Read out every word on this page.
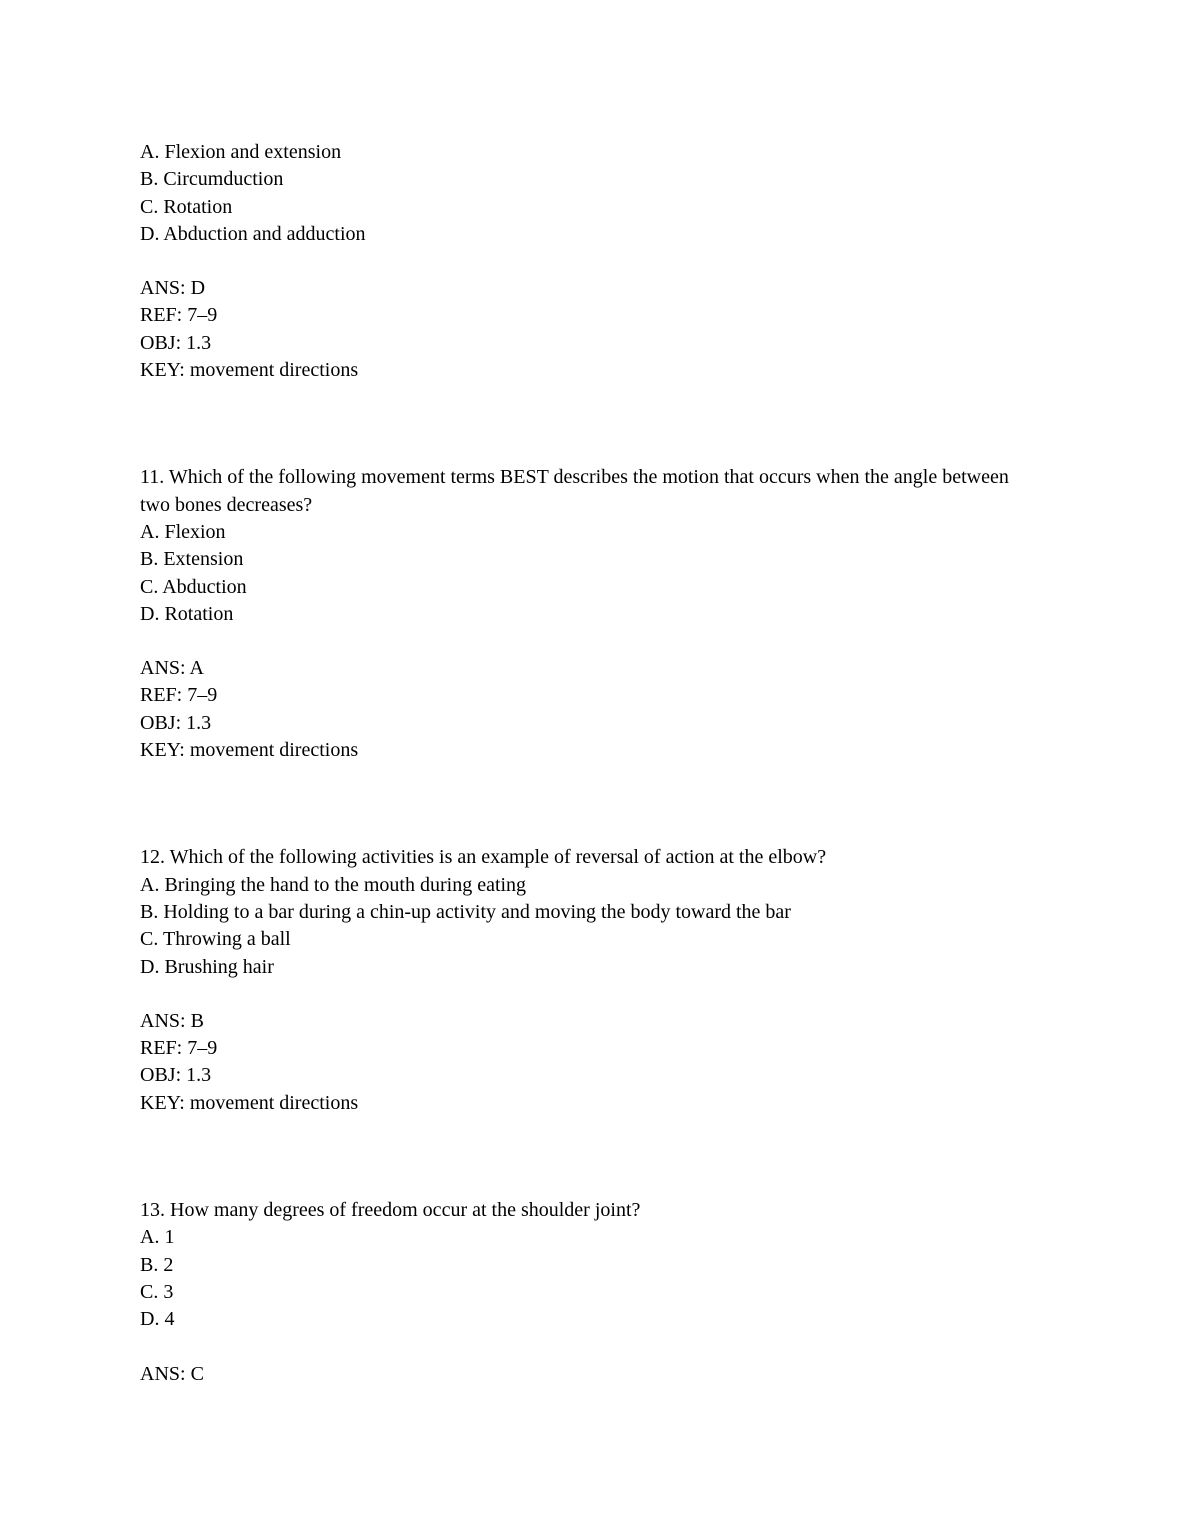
A. Flexion and extension
B. Circumduction
C. Rotation
D. Abduction and adduction
ANS: D
REF: 7–9
OBJ: 1.3
KEY: movement directions
11. Which of the following movement terms BEST describes the motion that occurs when the angle between two bones decreases?
A. Flexion
B. Extension
C. Abduction
D. Rotation
ANS: A
REF: 7–9
OBJ: 1.3
KEY: movement directions
12. Which of the following activities is an example of reversal of action at the elbow?
A. Bringing the hand to the mouth during eating
B. Holding to a bar during a chin-up activity and moving the body toward the bar
C. Throwing a ball
D. Brushing hair
ANS: B
REF: 7–9
OBJ: 1.3
KEY: movement directions
13. How many degrees of freedom occur at the shoulder joint?
A. 1
B. 2
C. 3
D. 4
ANS: C
